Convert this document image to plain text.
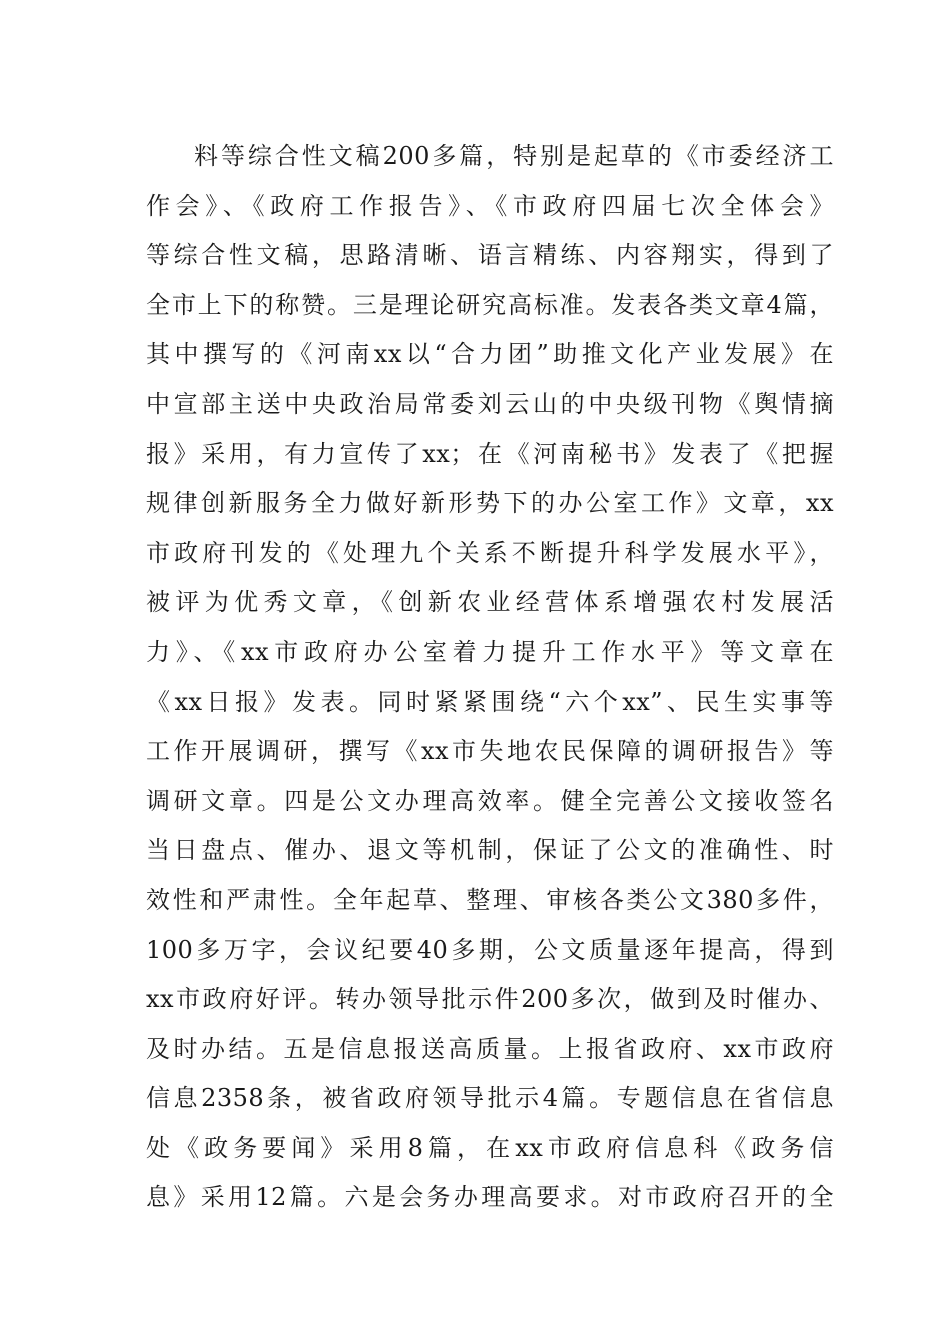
料等综合性文稿200多篇，特别是起草的《市委经济工
作会》、《政府工作报告》、《市政府四届七次全体会》
等综合性文稿，思路清晰、语言精练、内容翔实，得到了
全市上下的称赞。三是理论研究高标准。发表各类文章4篇，
其中撰写的《河南xx以“合力团”助推文化产业发展》在
中宣部主送中央政治局常委刘云山的中央级刊物《舆情摘
报》采用，有力宣传了xx；在《河南秘书》发表了《把握
规律创新服务全力做好新形势下的办公室工作》文章，xx
市政府刊发的《处理九个关系不断提升科学发展水平》，
被评为优秀文章，《创新农业经营体系增强农村发展活
力》、《xx市政府办公室着力提升工作水平》等文章在
《xx日报》发表。同时紧紧围绕“六个xx”、民生实事等
工作开展调研，撰写《xx市失地农民保障的调研报告》等
调研文章。四是公文办理高效率。健全完善公文接收签名
当日盘点、催办、退文等机制，保证了公文的准确性、时
效性和严肃性。全年起草、整理、审核各类公文380多件，
100多万字，会议纪要40多期，公文质量逐年提高，得到
xx市政府好评。转办领导批示件200多次，做到及时催办、
及时办结。五是信息报送高质量。上报省政府、xx市政府
信息2358条，被省政府领导批示4篇。专题信息在省信息
处《政务要闻》采用8篇，在xx市政府信息科《政务信
息》采用12篇。六是会务办理高要求。对市政府召开的全
